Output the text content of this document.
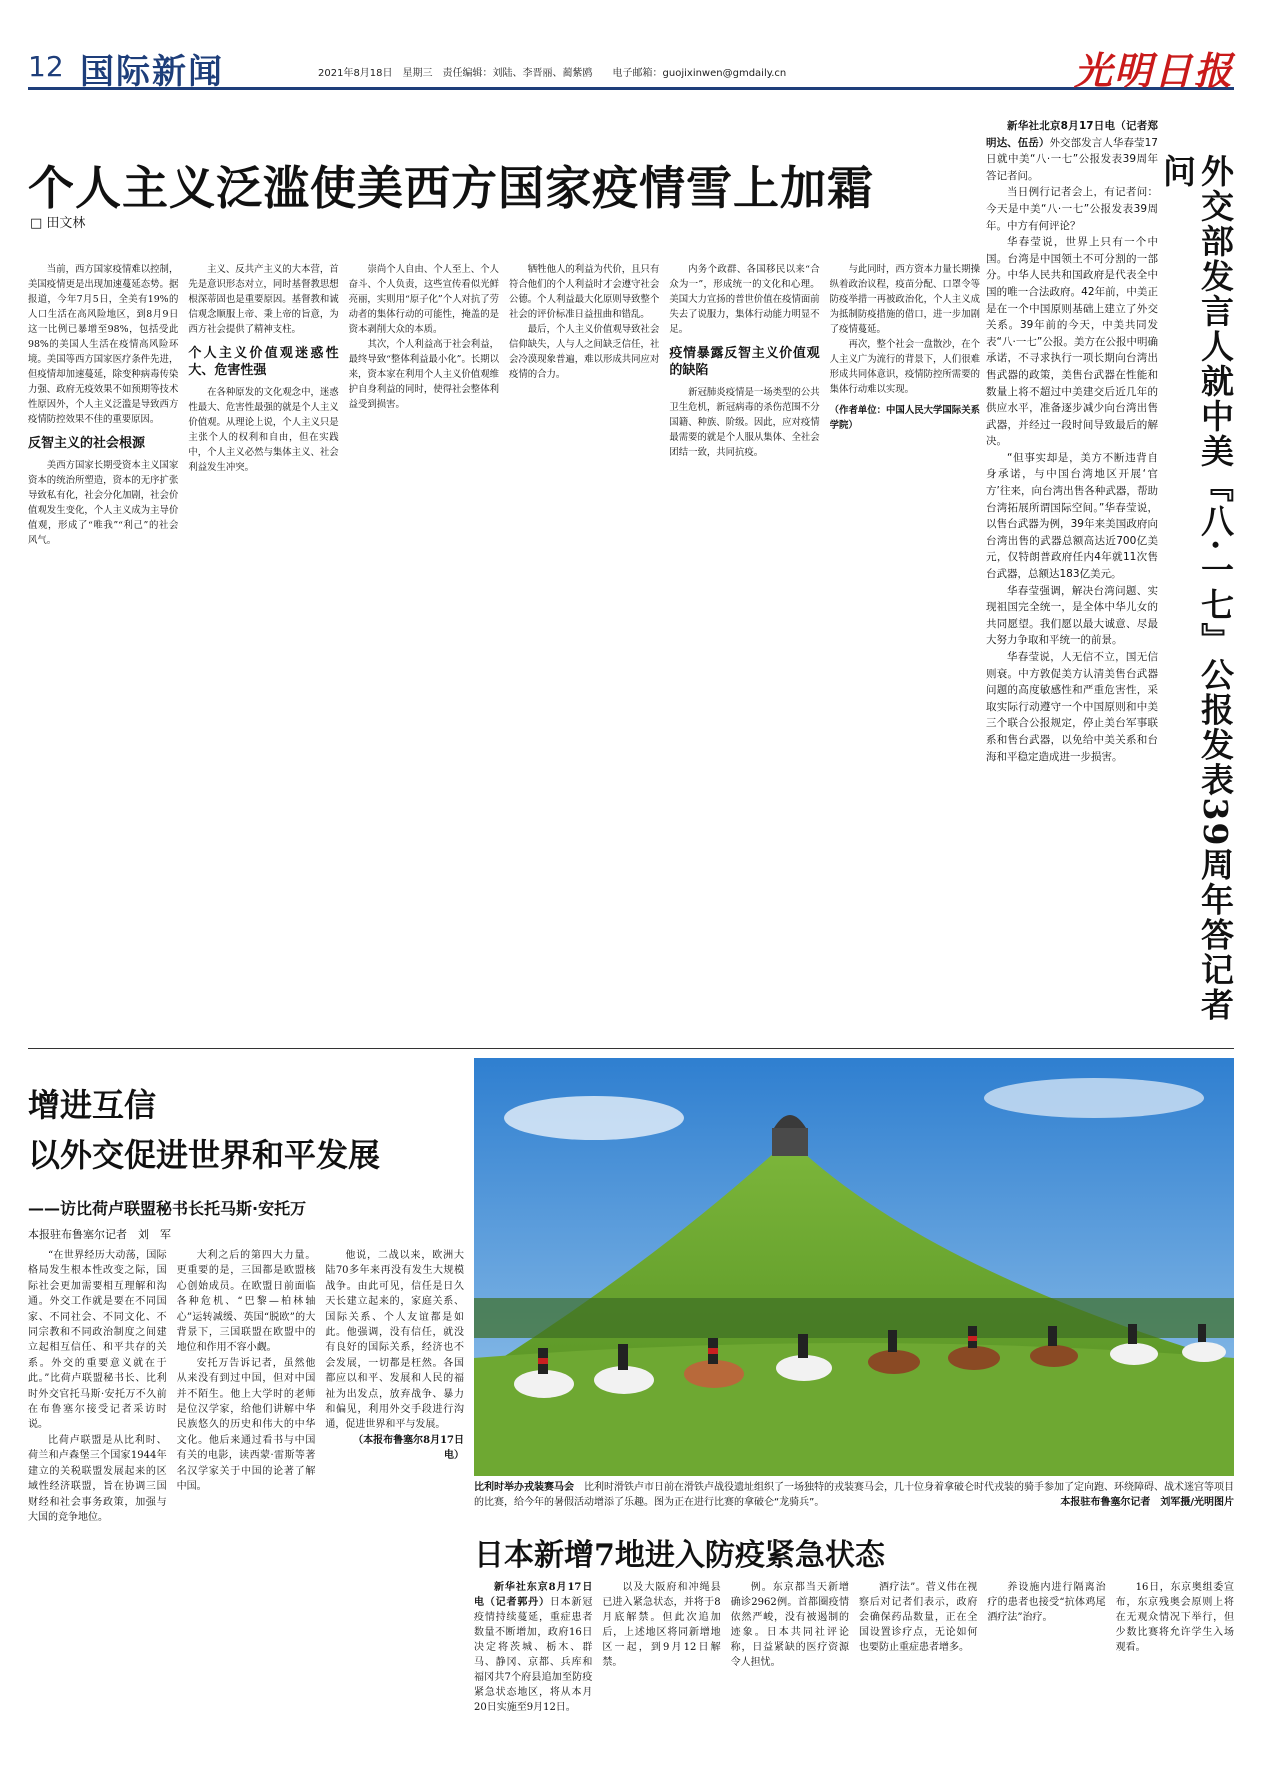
12 国际新闻	2021年8月18日　星期三　责任编辑：刘陆、李晋丽、蔺紫鸥　　电子邮箱：guojixinwen@gmdaily.cn	光明日报
个人主义泛滥使美西方国家疫情雪上加霜
□ 田文林

当前，西方国家疫情难以控制，美国疫情更是出现加速蔓延态势。据报道，今年7月5日，全美有19%的人口生活在高风险地区，到8月9日这一比例已暴增至98%，包括受此98%的美国人生活在疫情高风险环境。美国等西方国家医疗条件先进，但疫情却加速蔓延，除变种病毒传染力强、政府无疫效果不如预期等技术性原因外，个人主义泛滥是导致西方疫情防控效果不佳的重要原因。

反智主义的社会根源

美西方国家长期受资本主义国家资本的统治所塑造，资本的无序扩张导致私有化，社会分化加剧，社会价值观发生变化，个人主义成为主导价值观，形成了“唯我”“利己”的社会风气。

主义、反共产主义的大本营，首先是意识形态对立，同时基督教思想根深蒂固也是重要原因。基督教和诚信观念顺服上帝、秉上帝的旨意，为西方社会提供了精神支柱。

个人主义价值观迷惑性大、危害性强

在各种原发的文化观念中，迷惑性最大、危害性最强的就是个人主义价值观。从理论上说，个人主义只是主张个人的权利和自由，但在实践中，个人主义必然与集体主义、社会利益发生冲突。

崇尚个人自由、个人至上、个人奋斗、个人负责，这些宣传看似光鲜亮丽，实则用“原子化”个人对抗了劳动者的集体行动的可能性，掩盖的是资本剥削大众的本质。

其次，个人利益高于社会利益，最终导致“整体利益最小化”。长期以来，资本家在利用个人主义价值观维护自身利益的同时，使得社会整体利益受到损害。

牺牲他人的利益为代价，且只有符合他们的个人利益时才会遵守社会公德。个人利益最大化原则导致整个社会的评价标准日益扭曲和错乱。

最后，个人主义价值观导致社会信仰缺失，人与人之间缺乏信任，社会冷漠现象普遍，难以形成共同应对疫情的合力。

内务个政群、各国移民以来“合众为一”，形成统一的文化和心理。美国大力宣扬的普世价值在疫情面前失去了说服力，集体行动能力明显不足。

疫情暴露反智主义价值观的缺陷

新冠肺炎疫情是一场类型的公共卫生危机，新冠病毒的杀伤范围不分国籍、种族、阶级。因此，应对疫情最需要的就是个人服从集体、全社会团结一致，共同抗疫。

与此同时，西方资本力量长期操纵着政治议程，疫苗分配、口罩令等防疫举措一再被政治化，个人主义成为抵制防疫措施的借口，进一步加剧了疫情蔓延。

再次，整个社会一盘散沙，在个人主义广为流行的背景下，人们很难形成共同体意识，疫情防控所需要的集体行动难以实现。

（作者单位：中国人民大学国际关系学院）

新华社北京8月17日电（记者郑明达、伍岳）外交部发言人华春莹17日就中美“八·一七”公报发表39周年答记者问。

当日例行记者会上，有记者问：今天是中美“八·一七”公报发表39周年。中方有何评论？

华春莹说，世界上只有一个中国。台湾是中国领土不可分割的一部分。中华人民共和国政府是代表全中国的唯一合法政府。42年前，中美正是在一个中国原则基础上建立了外交关系。39年前的今天，中美共同发表“八·一七”公报。美方在公报中明确承诺，不寻求执行一项长期向台湾出售武器的政策，美售台武器在性能和数量上将不超过中美建交后近几年的供应水平，准备逐步减少向台湾出售武器，并经过一段时间导致最后的解决。

“但事实却是，美方不断违背自身承诺，与中国台湾地区开展‘官方’往来，向台湾出售各种武器，帮助台湾拓展所谓国际空间。”华春莹说，以售台武器为例，39年来美国政府向台湾出售的武器总额高达近700亿美元，仅特朗普政府任内4年就11次售台武器，总额达183亿美元。

华春莹强调，解决台湾问题、实现祖国完全统一，是全体中华儿女的共同愿望。我们愿以最大诚意、尽最大努力争取和平统一的前景。

华春莹说，人无信不立，国无信则衰。中方敦促美方认清美售台武器问题的高度敏感性和严重危害性，采取实际行动遵守一个中国原则和中美三个联合公报规定，停止美台军事联系和售台武器，以免给中美关系和台海和平稳定造成进一步损害。	外交部发言人就中美『八·一七』公报发表39周年答记者问
增进互信
以外交促进世界和平发展
——访比荷卢联盟秘书长托马斯·安托万
本报驻布鲁塞尔记者　刘　军

“在世界经历大动荡，国际格局发生根本性改变之际，国际社会更加需要相互理解和沟通。外交工作就是要在不同国家、不同社会、不同文化、不同宗教和不同政治制度之间建立起相互信任、和平共存的关系。外交的重要意义就在于此。”比荷卢联盟秘书长、比利时外交官托马斯·安托万不久前在布鲁塞尔接受记者采访时说。

比荷卢联盟是从比利时、荷兰和卢森堡三个国家1944年建立的关税联盟发展起来的区域性经济联盟，旨在协调三国财经和社会事务政策，加强与大国的竞争地位。

大利之后的第四大力量。更重要的是，三国都是欧盟核心创始成员。在欧盟日前面临各种危机、“巴黎—柏林轴心”运转减缓、英国“脱欧”的大背景下，三国联盟在欧盟中的地位和作用不容小觑。

安托万告诉记者，虽然他从来没有到过中国，但对中国并不陌生。他上大学时的老师是位汉学家，给他们讲解中华民族悠久的历史和伟大的中华文化。他后来通过看书与中国有关的电影，读西蒙·雷斯等著名汉学家关于中国的论著了解中国。

他说，二战以来，欧洲大陆70多年来再没有发生大规模战争。由此可见，信任是日久天长建立起来的，家庭关系、国际关系、个人友谊都是如此。他强调，没有信任，就没有良好的国际关系，经济也不会发展，一切都是枉然。各国都应以和平、发展和人民的福祉为出发点，放弃战争、暴力和偏见，利用外交手段进行沟通，促进世界和平与发展。

（本报布鲁塞尔8月17日电）

比利时举办戎装赛马会　 比利时滑铁卢市日前在滑铁卢战役遗址组织了一场独特的戎装赛马会，几十位身着拿破仑时代戎装的骑手参加了定向跑、环绕障碍、战术迷宫等项目的比赛，给今年的暑假活动增添了乐趣。图为正在进行比赛的拿破仑“龙骑兵”。	本报驻布鲁塞尔记者　刘军摄/光明图片
日本新增7地进入防疫紧急状态

新华社东京8月17日电（记者郭丹）日本新冠疫情持续蔓延，重症患者数量不断增加，政府16日决定将茨城、栃木、群马、静冈、京都、兵库和福冈共7个府县追加至防疫紧急状态地区，将从本月20日实施至9月12日。

以及大阪府和冲绳县已进入紧急状态，并将于8月底解禁。但此次追加后，上述地区将同新增地区一起，到9月12日解禁。

例。东京都当天新增确诊2962例。首都圈疫情依然严峻，没有被遏制的迹象。日本共同社评论称，日益紧缺的医疗资源令人担忧。

酒疗法”。菅义伟在视察后对记者们表示，政府会确保药品数量，正在全国设置诊疗点，无论如何也要防止重症患者增多。

养设施内进行隔离治疗的患者也接受“抗体鸡尾酒疗法”治疗。

16日，东京奥组委宣布，东京残奥会原则上将在无观众情况下举行，但少数比赛将允许学生入场观看。
